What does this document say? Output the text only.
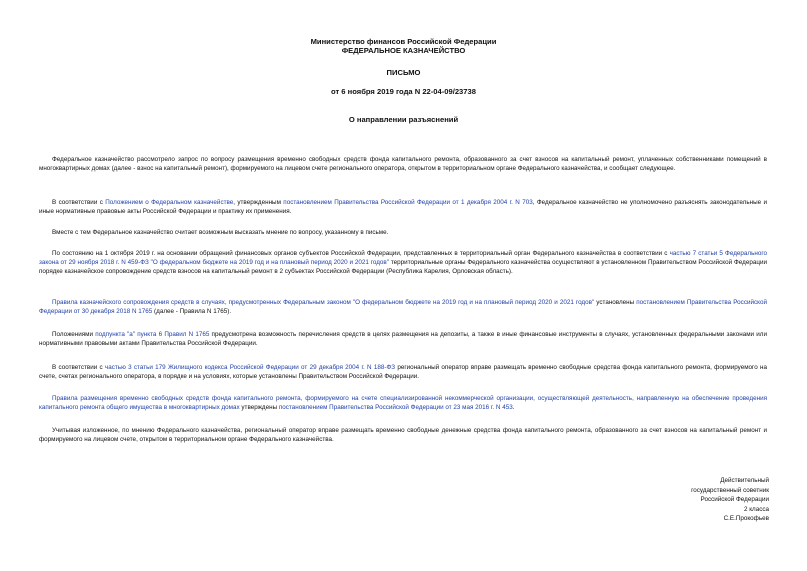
Министерство финансов Российской Федерации
ФЕДЕРАЛЬНОЕ КАЗНАЧЕЙСТВО
ПИСЬМО
от 6 ноября 2019 года N 22-04-09/23738
О направлении разъяснений

Федеральное казначейство рассмотрело запрос по вопросу размещения временно свободных средств фонда капитального ремонта, образованного за счет взносов на капитальный ремонт, уплаченных собственниками помещений в многоквартирных домах (далее - взнос на капитальный ремонт), формируемого на лицевом счете регионального оператора, открытом в территориальном органе Федерального казначейства, и сообщает следующее.

В соответствии с Положением о Федеральном казначействе, утвержденным постановлением Правительства Российской Федерации от 1 декабря 2004 г. N 703, Федеральное казначейство не уполномочено разъяснять законодательные и иные нормативные правовые акты Российской Федерации и практику их применения.

Вместе с тем Федеральное казначейство считает возможным высказать мнение по вопросу, указанному в письме.

По состоянию на 1 октября 2019 г. на основании обращений финансовых органов субъектов Российской Федерации, представленных в территориальный орган Федерального казначейства в соответствии с частью 7 статьи 5 Федерального закона от 29 ноября 2018 г. N 459-ФЗ "О федеральном бюджете на 2019 год и на плановый период 2020 и 2021 годов" территориальные органы Федерального казначейства осуществляют в установленном Правительством Российской Федерации порядке казначейское сопровождение средств взносов на капитальный ремонт в 2 субъектах Российской Федерации (Республика Карелия, Орловская область).

Правила казначейского сопровождения средств в случаях, предусмотренных Федеральным законом "О федеральном бюджете на 2019 год и на плановый период 2020 и 2021 годов" установлены постановлением Правительства Российской Федерации от 30 декабря 2018 N 1765 (далее - Правила N 1765).

Положениями подпункта "а" пункта 6 Правил N 1765 предусмотрена возможность перечисления средств в целях размещения на депозиты, а также в иные финансовые инструменты в случаях, установленных федеральными законами или нормативными правовыми актами Правительства Российской Федерации.

В соответствии с частью 3 статьи 179 Жилищного кодекса Российской Федерации от 29 декабря 2004 г. N 188-ФЗ региональный оператор вправе размещать временно свободные средства фонда капитального ремонта, формируемого на счете, счетах регионального оператора, в порядке и на условиях, которые установлены Правительством Российской Федерации.

Правила размещения временно свободных средств фонда капитального ремонта, формируемого на счете специализированной некоммерческой организации, осуществляющей деятельность, направленную на обеспечение проведения капитального ремонта общего имущества в многоквартирных домах утверждены постановлением Правительства Российской Федерации от 23 мая 2016 г. N 453.

Учитывая изложенное, по мнению Федерального казначейства, региональный оператор вправе размещать временно свободные денежные средства фонда капитального ремонта, образованного за счет взносов на капитальный ремонт и формируемого на лицевом счете, открытом в территориальном органе Федерального казначейства.

Действительный
государственный советник
Российской Федерации
2 класса
С.Е.Прокофьев
